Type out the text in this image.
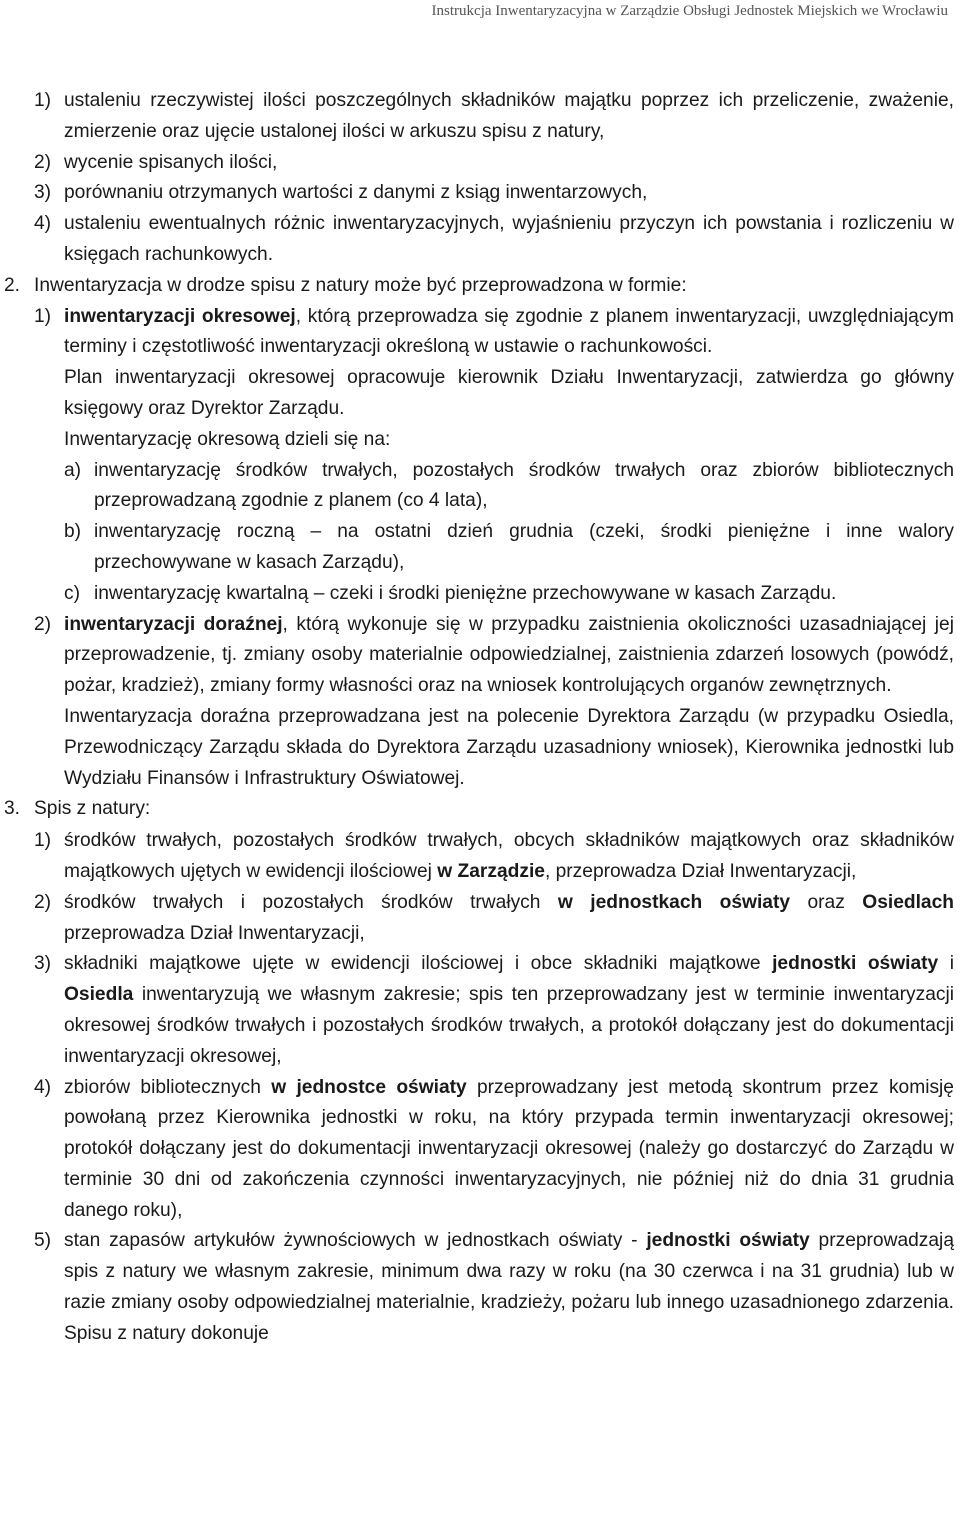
Instrukcja Inwentaryzacyjna w Zarządzie Obsługi Jednostek Miejskich we Wrocławiu
1) ustaleniu rzeczywistej ilości poszczególnych składników majątku poprzez ich przeliczenie, zważenie, zmierzenie oraz ujęcie ustalonej ilości w arkuszu spisu z natury,
2) wycenie spisanych ilości,
3) porównaniu otrzymanych wartości z danymi z ksiąg inwentarzowych,
4) ustaleniu ewentualnych różnic inwentaryzacyjnych, wyjaśnieniu przyczyn ich powstania i rozliczeniu w księgach rachunkowych.
2. Inwentaryzacja w drodze spisu z natury może być przeprowadzona w formie:
1) inwentaryzacji okresowej, którą przeprowadza się zgodnie z planem inwentaryzacji, uwzględniającym terminy i częstotliwość inwentaryzacji określoną w ustawie o rachunkowości.
Plan inwentaryzacji okresowej opracowuje kierownik Działu Inwentaryzacji, zatwierdza go główny księgowy oraz Dyrektor Zarządu.
Inwentaryzację okresową dzieli się na:
a) inwentaryzację środków trwałych, pozostałych środków trwałych oraz zbiorów bibliotecznych przeprowadzaną zgodnie z planem (co 4 lata),
b) inwentaryzację roczną – na ostatni dzień grudnia (czeki, środki pieniężne i inne walory przechowywane w kasach Zarządu),
c) inwentaryzację kwartalną – czeki i środki pieniężne przechowywane w kasach Zarządu.
2) inwentaryzacji doraźnej, którą wykonuje się w przypadku zaistnienia okoliczności uzasadniającej jej przeprowadzenie, tj. zmiany osoby materialnie odpowiedzialnej, zaistnienia zdarzeń losowych (powódź, pożar, kradzież), zmiany formy własności oraz na wniosek kontrolujących organów zewnętrznych.
Inwentaryzacja doraźna przeprowadzana jest na polecenie Dyrektora Zarządu (w przypadku Osiedla, Przewodniczący Zarządu składa do Dyrektora Zarządu uzasadniony wniosek), Kierownika jednostki lub Wydziału Finansów i Infrastruktury Oświatowej.
3. Spis z natury:
1) środków trwałych, pozostałych środków trwałych, obcych składników majątkowych oraz składników majątkowych ujętych w ewidencji ilościowej w Zarządzie, przeprowadza Dział Inwentaryzacji,
2) środków trwałych i pozostałych środków trwałych w jednostkach oświaty oraz Osiedlach przeprowadza Dział Inwentaryzacji,
3) składniki majątkowe ujęte w ewidencji ilościowej i obce składniki majątkowe jednostki oświaty i Osiedla inwentaryzują we własnym zakresie; spis ten przeprowadzany jest w terminie inwentaryzacji okresowej środków trwałych i pozostałych środków trwałych, a protokół dołączany jest do dokumentacji inwentaryzacji okresowej,
4) zbiorów bibliotecznych w jednostce oświaty przeprowadzany jest metodą skontrum przez komisję powołaną przez Kierownika jednostki w roku, na który przypada termin inwentaryzacji okresowej; protokół dołączany jest do dokumentacji inwentaryzacji okresowej (należy go dostarczyć do Zarządu w terminie 30 dni od zakończenia czynności inwentaryzacyjnych, nie później niż do dnia 31 grudnia danego roku),
5) stan zapasów artykułów żywnościowych w jednostkach oświaty - jednostki oświaty przeprowadzają spis z natury we własnym zakresie, minimum dwa razy w roku (na 30 czerwca i na 31 grudnia) lub w razie zmiany osoby odpowiedzialnej materialnie, kradzieży, pożaru lub innego uzasadnionego zdarzenia. Spisu z natury dokonuje
